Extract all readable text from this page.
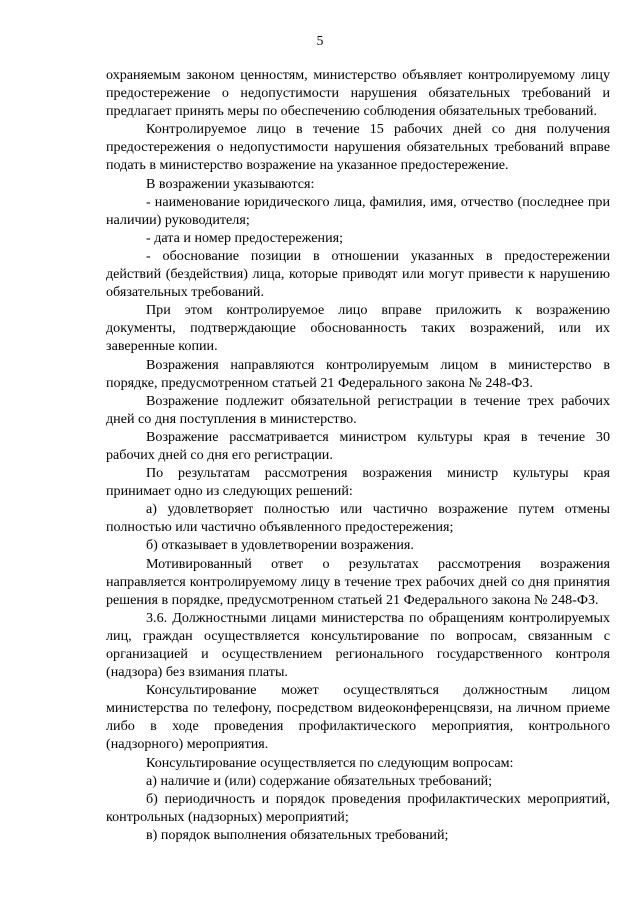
5

охраняемым законом ценностям, министерство объявляет контролируемому лицу предостережение о недопустимости нарушения обязательных требований и предлагает принять меры по обеспечению соблюдения обязательных требований.

Контролируемое лицо в течение 15 рабочих дней со дня получения предостережения о недопустимости нарушения обязательных требований вправе подать в министерство возражение на указанное предостережение.

В возражении указываются:

- наименование юридического лица, фамилия, имя, отчество (последнее при наличии) руководителя;

- дата и номер предостережения;

- обоснование позиции в отношении указанных в предостережении действий (бездействия) лица, которые приводят или могут привести к нарушению обязательных требований.

При этом контролируемое лицо вправе приложить к возражению документы, подтверждающие обоснованность таких возражений, или их заверенные копии.

Возражения направляются контролируемым лицом в министерство в порядке, предусмотренном статьей 21 Федерального закона № 248-ФЗ.

Возражение подлежит обязательной регистрации в течение трех рабочих дней со дня поступления в министерство.

Возражение рассматривается министром культуры края в течение 30 рабочих дней со дня его регистрации.

По результатам рассмотрения возражения министр культуры края принимает одно из следующих решений:

а) удовлетворяет полностью или частично возражение путем отмены полностью или частично объявленного предостережения;

б) отказывает в удовлетворении возражения.

Мотивированный ответ о результатах рассмотрения возражения направляется контролируемому лицу в течение трех рабочих дней со дня принятия решения в порядке, предусмотренном статьей 21 Федерального закона № 248-ФЗ.

3.6. Должностными лицами министерства по обращениям контролируемых лиц, граждан осуществляется консультирование по вопросам, связанным с организацией и осуществлением регионального государственного контроля (надзора) без взимания платы.

Консультирование может осуществляться должностным лицом министерства по телефону, посредством видеоконференцсвязи, на личном приеме либо в ходе проведения профилактического мероприятия, контрольного (надзорного) мероприятия.

Консультирование осуществляется по следующим вопросам:

а) наличие и (или) содержание обязательных требований;

б) периодичность и порядок проведения профилактических мероприятий, контрольных (надзорных) мероприятий;

в) порядок выполнения обязательных требований;
